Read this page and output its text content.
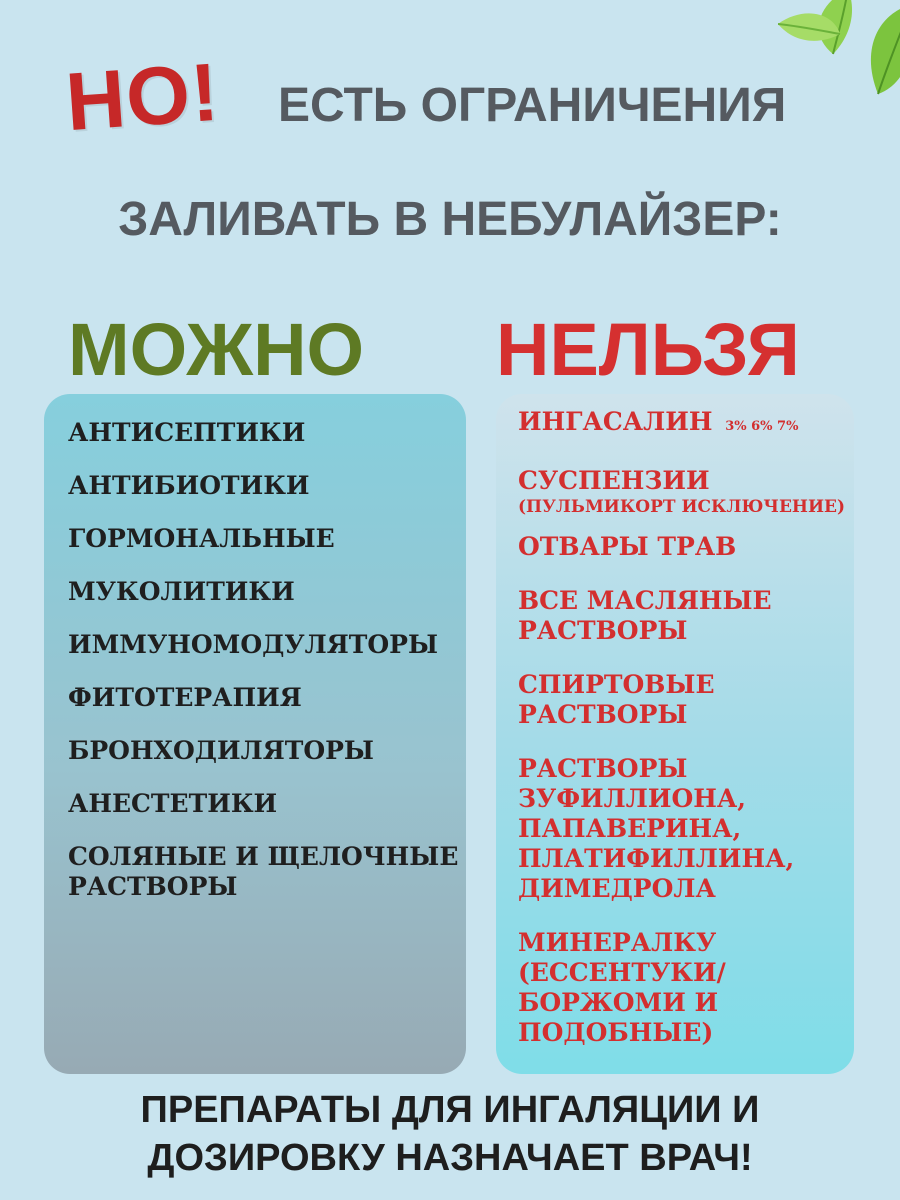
НО! ЕСТЬ ОГРАНИЧЕНИЯ
ЗАЛИВАТЬ В НЕБУЛАЙЗЕР:
МОЖНО НЕЛЬЗЯ
АНТИСЕПТИКИ
АНТИБИОТИКИ
ГОРМОНАЛЬНЫЕ
МУКОЛИТИКИ
ИММУНОМОДУЛЯТОРЫ
ФИТОТЕРАПИЯ
БРОНХОДИЛЯТОРЫ
АНЕСТЕТИКИ
СОЛЯНЫЕ И ЩЕЛОЧНЫЕ
РАСТВОРЫ
ИНГАСАЛИН 3% 6% 7%
СУСПЕНЗИИ
(ПУЛЬМИКОРТ ИСКЛЮЧЕНИЕ)
ОТВАРЫ ТРАВ
ВСЕ МАСЛЯНЫЕ
РАСТВОРЫ
СПИРТОВЫЕ
РАСТВОРЫ
РАСТВОРЫ
ЗУФИЛЛИОНА,
ПАПАВЕРИНА,
ПЛАТИФИЛЛИНА,
ДИМЕДРОЛА
МИНЕРАЛКУ
(ЕССЕНТУКИ/
БОРЖОМИ И
ПОДОБНЫЕ)
ПРЕПАРАТЫ ДЛЯ ИНГАЛЯЦИИ И
ДОЗИРОВКУ НАЗНАЧАЕТ ВРАЧ!
